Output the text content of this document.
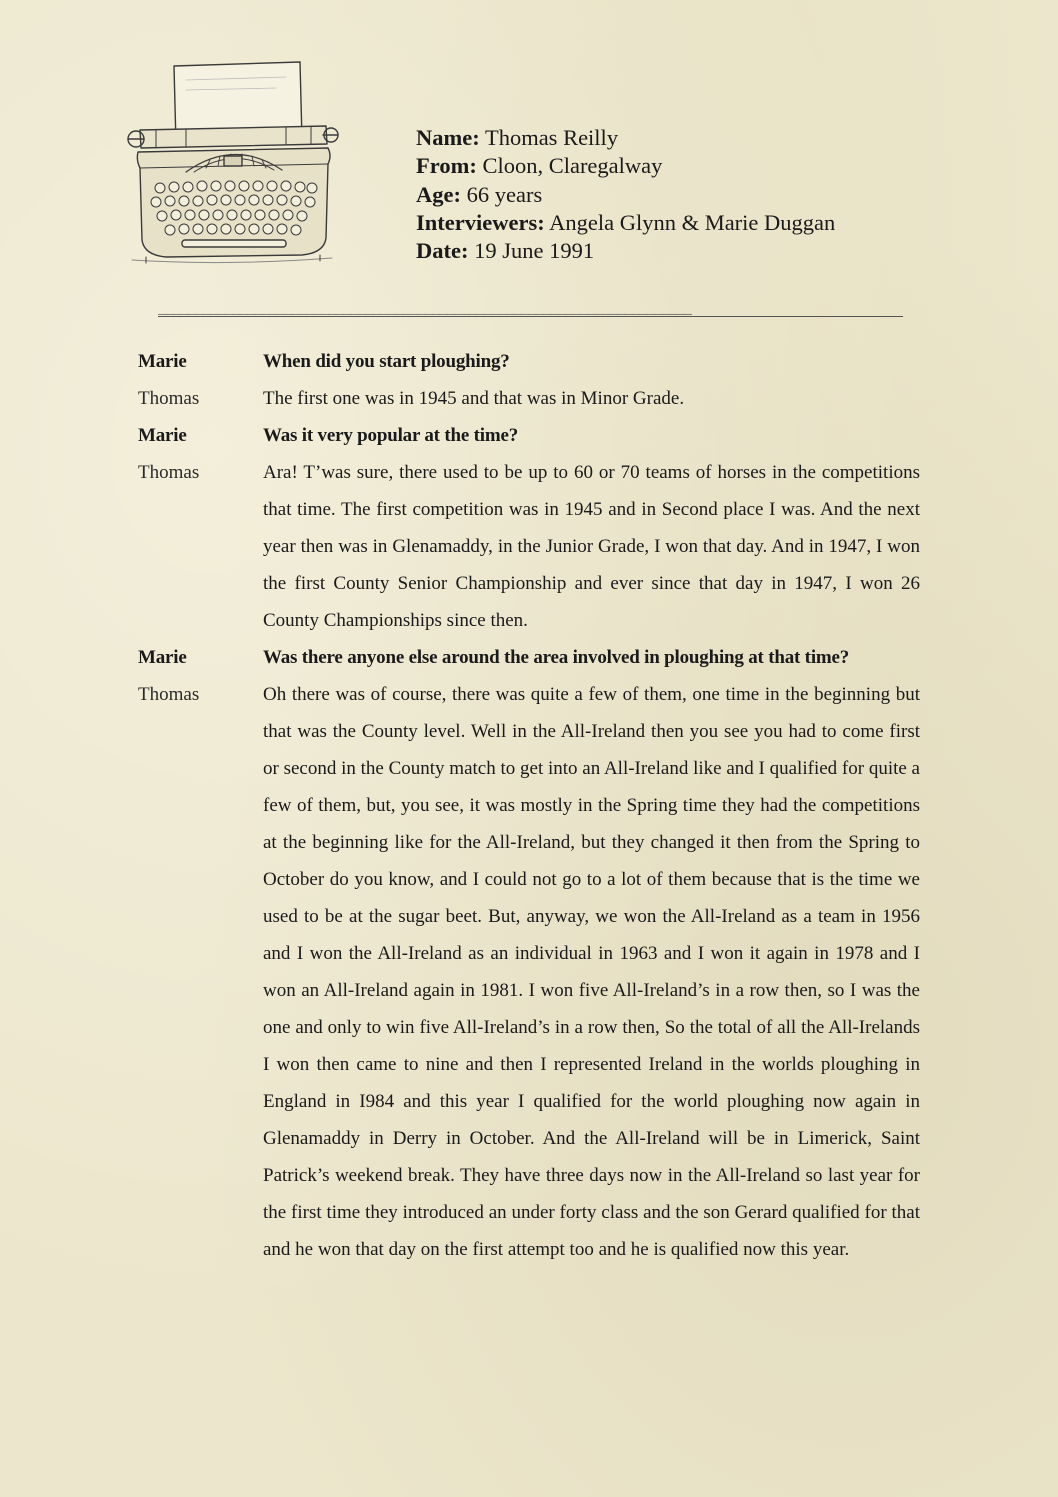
Name: Thomas Reilly
From: Cloon, Claregalway
Age: 66 years
Interviewers: Angela Glynn & Marie Duggan
Date: 19 June 1991
________________________________________________________________________
Marie	When did you start ploughing?
Thomas	The first one was in 1945 and that was in Minor Grade.
Marie	Was it very popular at the time?
Thomas	Ara! T’was sure, there used to be up to 60 or 70 teams of horses in the competitions that time. The first competition was in 1945 and in Second place I was. And the next year then was in Glenamaddy, in the Junior Grade, I won that day. And in 1947, I won the first County Senior Championship and ever since that day in 1947, I won 26 County Championships since then.
Marie	Was there anyone else around the area involved in ploughing at that time?
Thomas	Oh there was of course, there was quite a few of them, one time in the beginning but that was the County level. Well in the All-Ireland then you see you had to come first or second in the County match to get into an All-Ireland like and I qualified for quite a few of them, but, you see, it was mostly in the Spring time they had the competitions at the beginning like for the All-Ireland, but they changed it then from the Spring to October do you know, and I could not go to a lot of them because that is the time we used to be at the sugar beet. But, anyway, we won the All-Ireland as a team in 1956 and I won the All-Ireland as an individual in 1963 and I won it again in 1978 and I won an All-Ireland again in 1981. I won five All-Ireland’s in a row then, so I was the one and only to win five All-Ireland’s in a row then, So the total of all the All-Irelands I won then came to nine and then I represented Ireland in the worlds ploughing in England in I984 and this year I qualified for the world ploughing now again in Glenamaddy in Derry in October. And the All-Ireland will be in Limerick, Saint Patrick’s weekend break. They have three days now in the All-Ireland so last year for the first time they introduced an under forty class and the son Gerard qualified for that and he won that day on the first attempt too and he is qualified now this year.
